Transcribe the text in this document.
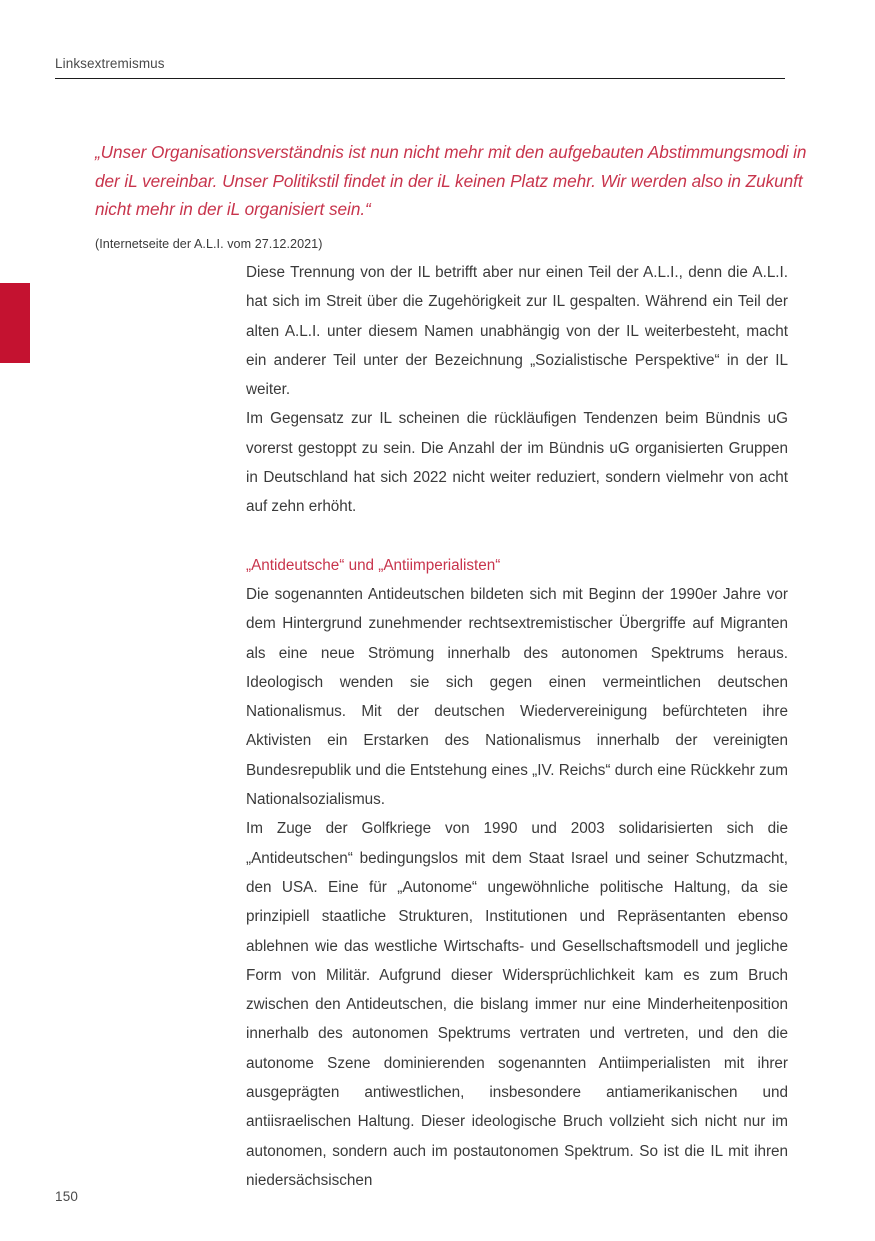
Linksextremismus
„Unser Organisationsverständnis ist nun nicht mehr mit den aufgebauten Abstimmungsmodi in der iL vereinbar. Unser Politikstil findet in der iL keinen Platz mehr. Wir werden also in Zukunft nicht mehr in der iL organisiert sein.“
(Internetseite der A.L.I. vom 27.12.2021)

Diese Trennung von der IL betrifft aber nur einen Teil der A.L.I., denn die A.L.I. hat sich im Streit über die Zugehörigkeit zur IL gespalten. Während ein Teil der alten A.L.I. unter diesem Namen unabhängig von der IL weiterbesteht, macht ein anderer Teil unter der Bezeichnung „Sozialistische Perspektive“ in der IL weiter.

Im Gegensatz zur IL scheinen die rückläufigen Tendenzen beim Bündnis uG vorerst gestoppt zu sein. Die Anzahl der im Bündnis uG organisierten Gruppen in Deutschland hat sich 2022 nicht weiter reduziert, sondern vielmehr von acht auf zehn erhöht.

„Antideutsche“ und „Antiimperialisten“

Die sogenannten Antideutschen bildeten sich mit Beginn der 1990er Jahre vor dem Hintergrund zunehmender rechtsextremistischer Übergriffe auf Migranten als eine neue Strömung innerhalb des autonomen Spektrums heraus. Ideologisch wenden sie sich gegen einen vermeintlichen deutschen Nationalismus. Mit der deutschen Wiedervereinigung befürchteten ihre Aktivisten ein Erstarken des Nationalismus innerhalb der vereinigten Bundesrepublik und die Entstehung eines „IV. Reichs“ durch eine Rückkehr zum Nationalsozialismus.

Im Zuge der Golfkriege von 1990 und 2003 solidarisierten sich die „Antideutschen“ bedingungslos mit dem Staat Israel und seiner Schutzmacht, den USA. Eine für „Autonome“ ungewöhnliche politische Haltung, da sie prinzipiell staatliche Strukturen, Institutionen und Repräsentanten ebenso ablehnen wie das westliche Wirtschafts- und Gesellschaftsmodell und jegliche Form von Militär. Aufgrund dieser Widersprüchlichkeit kam es zum Bruch zwischen den Antideutschen, die bislang immer nur eine Minderheitenposition innerhalb des autonomen Spektrums vertraten und vertreten, und den die autonome Szene dominierenden sogenannten Antiimperialisten mit ihrer ausgeprägten antiwestlichen, insbesondere antiamerikanischen und antiisraelischen Haltung. Dieser ideologische Bruch vollzieht sich nicht nur im autonomen, sondern auch im postautonomen Spektrum. So ist die IL mit ihren niedersächsischen

150
